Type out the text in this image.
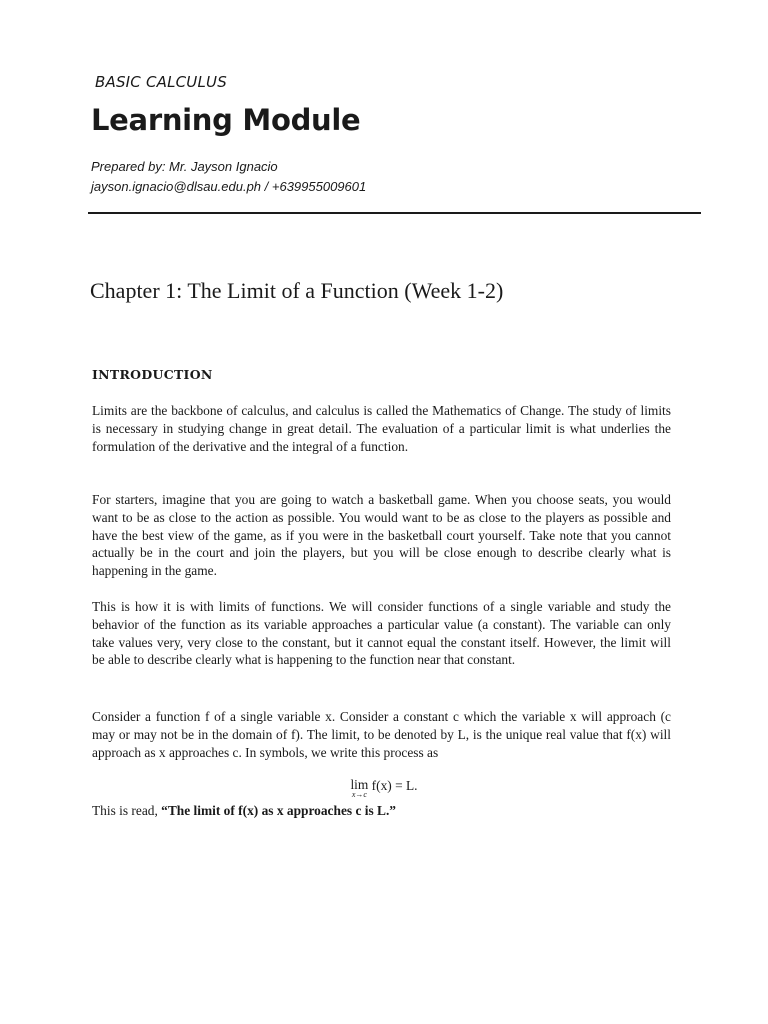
BASIC CALCULUS
Learning Module
Prepared by: Mr. Jayson Ignacio
jayson.ignacio@dlsau.edu.ph / +639955009601
Chapter 1: The Limit of a Function (Week 1-2)
INTRODUCTION
Limits are the backbone of calculus, and calculus is called the Mathematics of Change. The study of limits is necessary in studying change in great detail. The evaluation of a particular limit is what underlies the formulation of the derivative and the integral of a function.
For starters, imagine that you are going to watch a basketball game. When you choose seats, you would want to be as close to the action as possible. You would want to be as close to the players as possible and have the best view of the game, as if you were in the basketball court yourself. Take note that you cannot actually be in the court and join the players, but you will be close enough to describe clearly what is happening in the game.
This is how it is with limits of functions. We will consider functions of a single variable and study the behavior of the function as its variable approaches a particular value (a constant). The variable can only take values very, very close to the constant, but it cannot equal the constant itself. However, the limit will be able to describe clearly what is happening to the function near that constant.
Consider a function f of a single variable x. Consider a constant c which the variable x will approach (c may or may not be in the domain of f). The limit, to be denoted by L, is the unique real value that f(x) will approach as x approaches c. In symbols, we write this process as
lim
x→c
f(x) = L.
This is read, “The limit of f(x) as x approaches c is L.”
